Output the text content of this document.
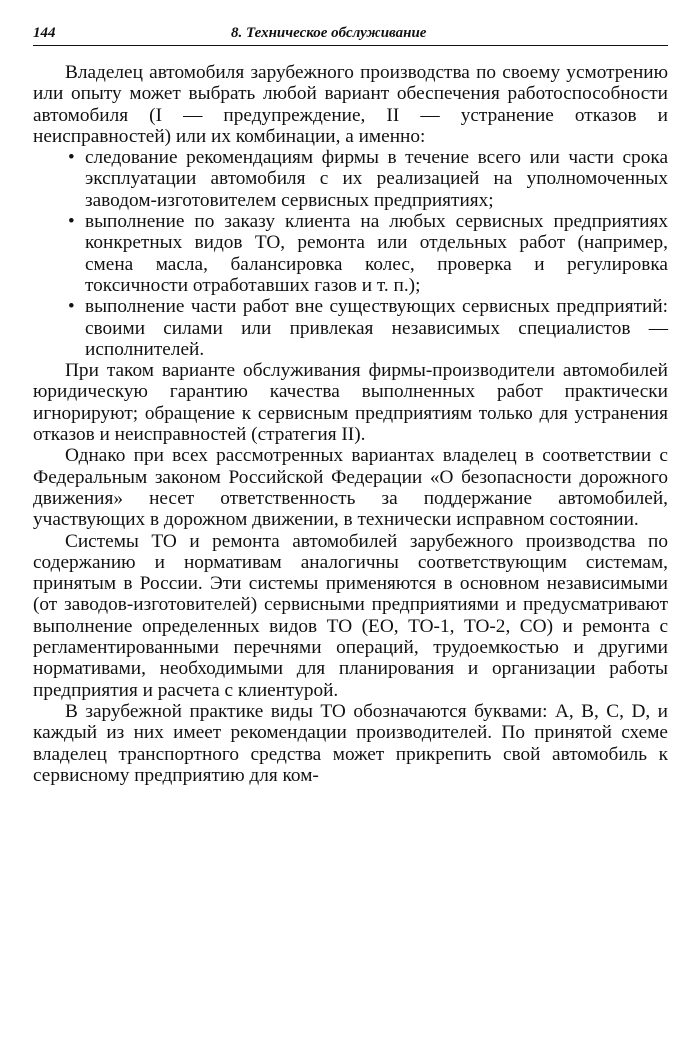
144	8. Техническое обслуживание

Владелец автомобиля зарубежного производства по своему усмотрению или опыту может выбрать любой вариант обеспечения работоспособности автомобиля (I — предупреждение, II — устранение отказов и неисправностей) или их комбинации, а именно:

• следование рекомендациям фирмы в течение всего или части срока эксплуатации автомобиля с их реализацией на уполномоченных заводом-изготовителем сервисных предприятиях;
• выполнение по заказу клиента на любых сервисных предприятиях конкретных видов ТО, ремонта или отдельных работ (например, смена масла, балансировка колес, проверка и регулировка токсичности отработавших газов и т. п.);
• выполнение части работ вне существующих сервисных предприятий: своими силами или привлекая независимых специалистов — исполнителей.

При таком варианте обслуживания фирмы-производители автомобилей юридическую гарантию качества выполненных работ практически игнорируют; обращение к сервисным предприятиям только для устранения отказов и неисправностей (стратегия II).

Однако при всех рассмотренных вариантах владелец в соответствии с Федеральным законом Российской Федерации «О безопасности дорожного движения» несет ответственность за поддержание автомобилей, участвующих в дорожном движении, в технически исправном состоянии.

Системы ТО и ремонта автомобилей зарубежного производства по содержанию и нормативам аналогичны соответствующим системам, принятым в России. Эти системы применяются в основном независимыми (от заводов-изготовителей) сервисными предприятиями и предусматривают выполнение определенных видов ТО (ЕО, ТО-1, ТО-2, СО) и ремонта с регламентированными перечнями операций, трудоемкостью и другими нормативами, необходимыми для планирования и организации работы предприятия и расчета с клиентурой.

В зарубежной практике виды ТО обозначаются буквами: А, В, С, D, и каждый из них имеет рекомендации производителей. По принятой схеме владелец транспортного средства может прикрепить свой автомобиль к сервисному предприятию для ком-
